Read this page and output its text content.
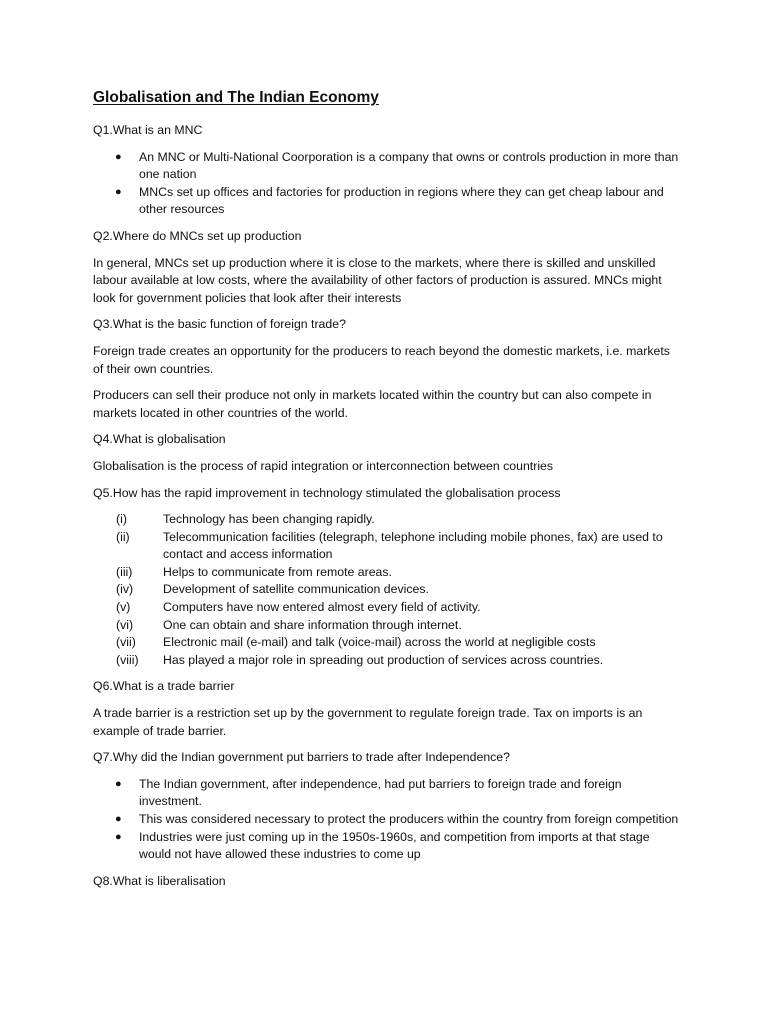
Globalisation and The Indian Economy
Q1.What is an MNC
● An MNC or Multi-National Coorporation is a company that owns or controls production in more than one nation
● MNCs set up offices and factories for production in regions where they can get cheap labour and other resources
Q2.Where do MNCs set up production
In general, MNCs set up production where it is close to the markets, where there is skilled and unskilled labour available at low costs, where the availability of other factors of production is assured. MNCs might look for government policies that look after their interests
Q3.What is the basic function of foreign trade?
Foreign trade creates an opportunity for the producers to reach beyond the domestic markets, i.e. markets of their own countries.
Producers can sell their produce not only in markets located within the country but can also compete in markets located in other countries of the world.
Q4.What is globalisation
Globalisation is the process of rapid integration or interconnection between countries
Q5.How has the rapid improvement in technology stimulated the globalisation process
(i)	Technology has been changing rapidly.
(ii)	Telecommunication facilities (telegraph, telephone including mobile phones, fax) are used to contact and access information
(iii) Helps to communicate from remote areas.
(iv) Development of satellite communication devices.
(v)	Computers have now entered almost every field of activity.
(vi) One can obtain and share information through internet.
(vii) Electronic mail (e-mail) and talk (voice-mail) across the world at negligible costs
(viii) Has played a major role in spreading out production of services across countries.
Q6.What is a trade barrier
A trade barrier is a restriction set up by the government to regulate foreign trade. Tax on imports is an example of trade barrier.
Q7.Why did the Indian government put barriers to trade after Independence?
● The Indian government, after independence, had put barriers to foreign trade and foreign investment.
● This was considered necessary to protect the producers within the country from foreign competition
● Industries were just coming up in the 1950s-1960s, and competition from imports at that stage would not have allowed these industries to come up
Q8.What is liberalisation
